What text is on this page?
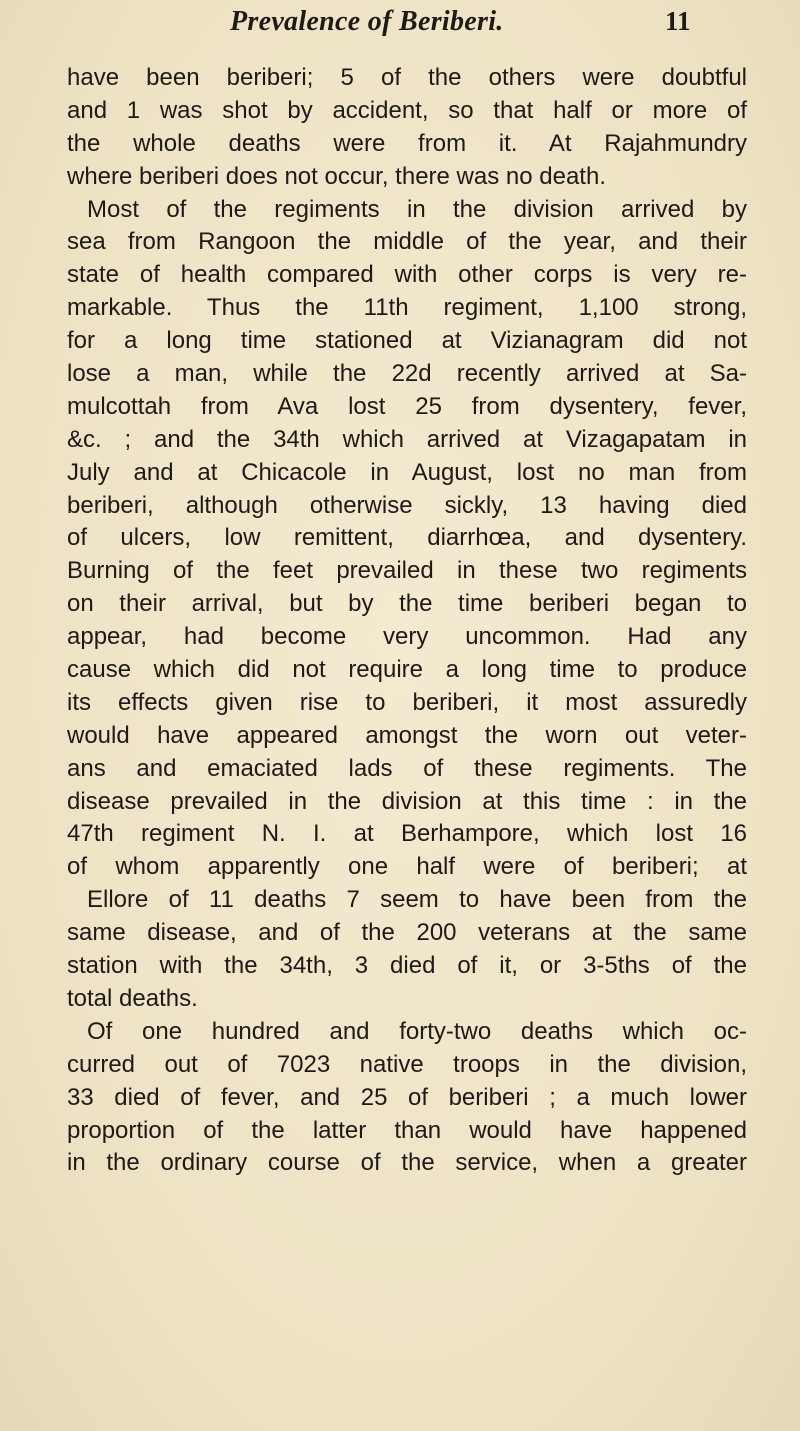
Prevalence of Beriberi.	11
have been beriberi; 5 of the others were doubtful
and 1 was shot by accident, so that half or more of
the whole deaths were from it. At Rajahmundry
where beriberi does not occur, there was no death.
Most of the regiments in the division arrived by
sea from Rangoon the middle of the year, and their
state of health compared with other corps is very re-
markable. Thus the 11th regiment, 1,100 strong,
for a long time stationed at Vizianagram did not
lose a man, while the 22d recently arrived at Sa-
mulcottah from Ava lost 25 from dysentery, fever,
&c. ; and the 34th which arrived at Vizagapatam in
July and at Chicacole in August, lost no man from
beriberi, although otherwise sickly, 13 having died
of ulcers, low remittent, diarrhœa, and dysentery.
Burning of the feet prevailed in these two regiments
on their arrival, but by the time beriberi began to
appear, had become very uncommon. Had any
cause which did not require a long time to produce
its effects given rise to beriberi, it most assuredly
would have appeared amongst the worn out veter-
ans and emaciated lads of these regiments. The
disease prevailed in the division at this time : in the
47th regiment N. I. at Berhampore, which lost 16
of whom apparently one half were of beriberi; at
Ellore of 11 deaths 7 seem to have been from the
same disease, and of the 200 veterans at the same
station with the 34th, 3 died of it, or 3-5ths of the
total deaths.
Of one hundred and forty-two deaths which oc-
curred out of 7023 native troops in the division,
33 died of fever, and 25 of beriberi ; a much lower
proportion of the latter than would have happened
in the ordinary course of the service, when a greater
